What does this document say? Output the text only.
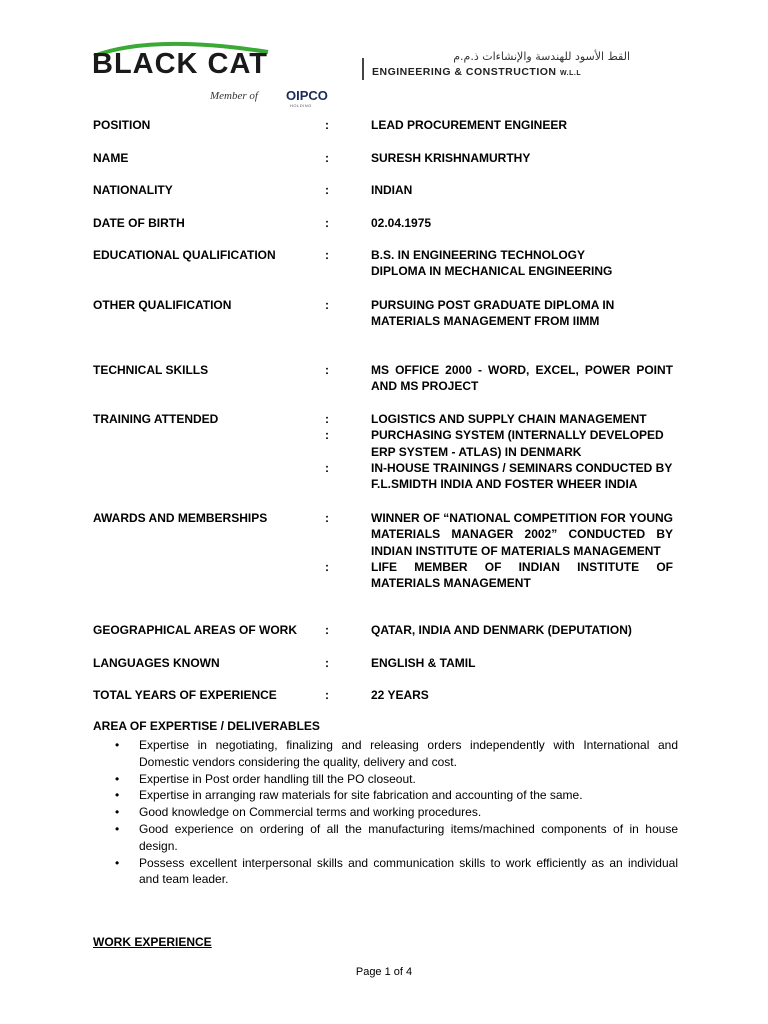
BLACK CAT	القط الأسود للهندسة والإنشاءات ذ.م.م
ENGINEERING & CONSTRUCTION W.L.L
Member of OIPCO
HOLDING
POSITION	:	LEAD PROCUREMENT ENGINEER
NAME	:	SURESH KRISHNAMURTHY
NATIONALITY	:	INDIAN
DATE OF BIRTH	:	02.04.1975
EDUCATIONAL QUALIFICATION	:	B.S. IN ENGINEERING TECHNOLOGY
DIPLOMA IN MECHANICAL ENGINEERING
OTHER QUALIFICATION	:	PURSUING POST GRADUATE DIPLOMA IN
MATERIALS MANAGEMENT FROM IIMM
TECHNICAL SKILLS	:	MS OFFICE 2000 - WORD, EXCEL, POWER POINT AND MS PROJECT
TRAINING ATTENDED	:	LOGISTICS AND SUPPLY CHAIN MANAGEMENT
:	PURCHASING SYSTEM (INTERNALLY DEVELOPED ERP SYSTEM - ATLAS) IN DENMARK
:	IN-HOUSE TRAININGS / SEMINARS CONDUCTED BY F.L.SMIDTH INDIA AND FOSTER WHEER INDIA
AWARDS AND MEMBERSHIPS	:	WINNER OF “NATIONAL COMPETITION FOR YOUNG MATERIALS MANAGER 2002” CONDUCTED BY INDIAN INSTITUTE OF MATERIALS MANAGEMENT
:	LIFE MEMBER OF INDIAN INSTITUTE OF MATERIALS MANAGEMENT
GEOGRAPHICAL AREAS OF WORK	:	QATAR, INDIA AND DENMARK (DEPUTATION)
LANGUAGES KNOWN	:	ENGLISH & TAMIL
TOTAL YEARS OF EXPERIENCE	:	22 YEARS
AREA OF EXPERTISE / DELIVERABLES
• Expertise in negotiating, finalizing and releasing orders independently with International and Domestic vendors considering the quality, delivery and cost.
• Expertise in Post order handling till the PO closeout.
• Expertise in arranging raw materials for site fabrication and accounting of the same.
• Good knowledge on Commercial terms and working procedures.
• Good experience on ordering of all the manufacturing items/machined components of in house design.
• Possess excellent interpersonal skills and communication skills to work efficiently as an individual and team leader.
WORK EXPERIENCE
Page 1 of 4
